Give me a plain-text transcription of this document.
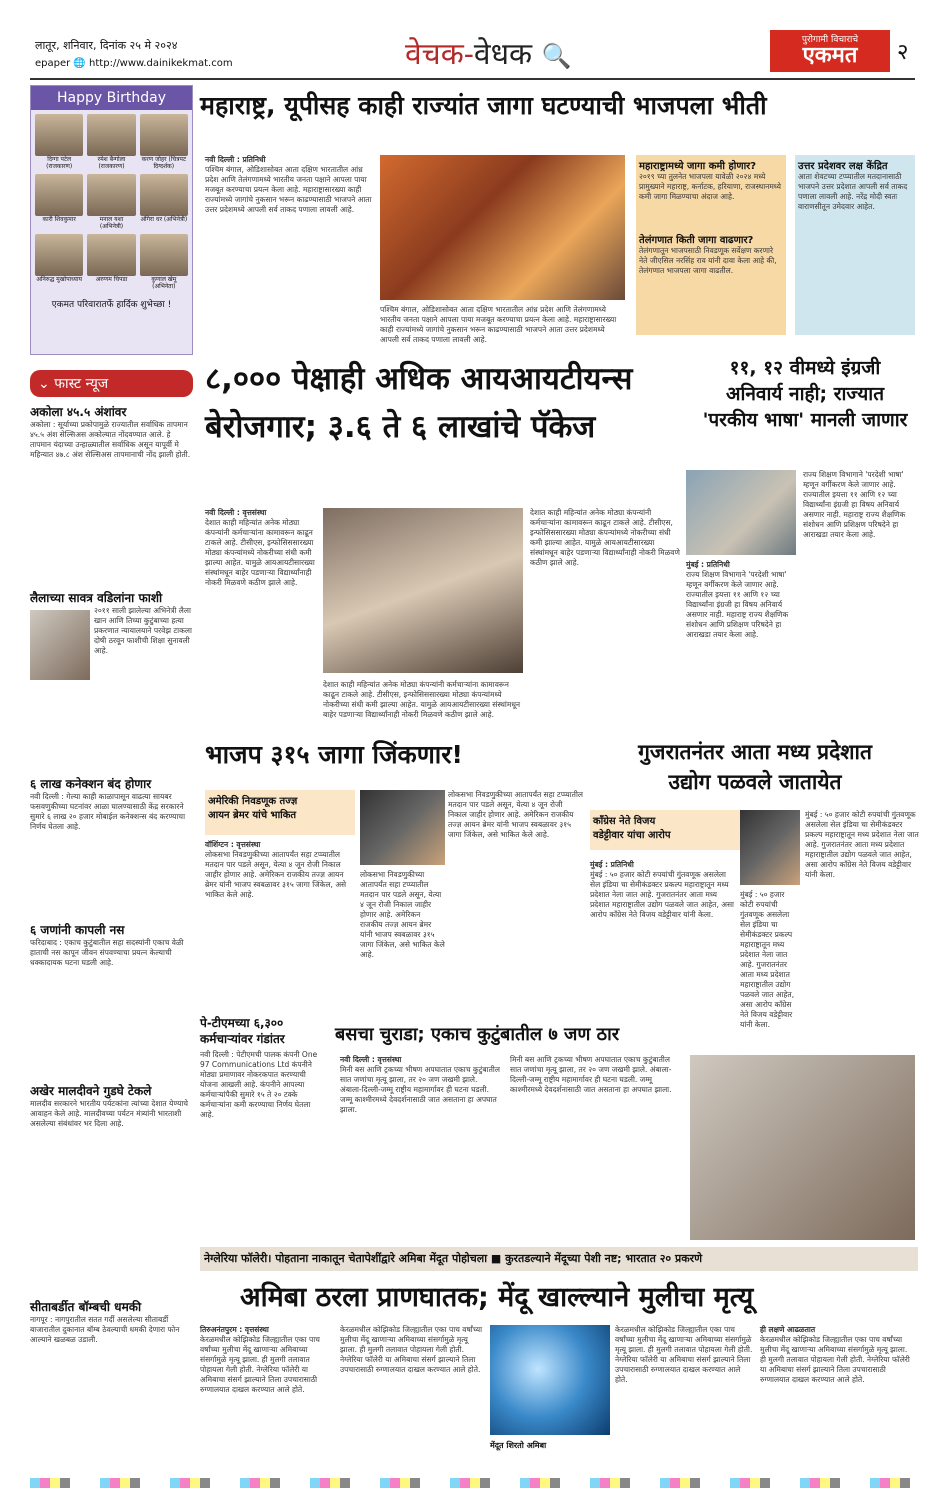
लातूर, शनिवार, दिनांक २५ मे २०२४
epaper 🌐 http://www.dainikekmat.com	वेचक-वेधक 🔍
पुरोगामी विचाराचे
एकमत	२
Happy Birthday
दिग्गा पटेल (राजकारण)
रमेश बैन्गोला (राजकारण)
करण जोहर (चित्रपट दिग्दर्शक)
कारी शिवकुमार	मनाल यशा (अभिनेत्री)
अंगिरा धर (अभिनेत्री)
अनिरुद्ध मुखोपाध्याय	अरुणम चिपडा	कुणाल खेमू (अभिनेता)
एकमत परिवारातर्फे हार्दिक शुभेच्छा !
⌄ फास्ट न्यूज
अकोला ४५.५ अंशांवर
अकोला : सूर्याच्या प्रकोपामुळे राज्यातील सर्वाधिक तापमान ४५.५ अंश सेल्सिअस अकोल्यात नोंदवण्यात आले. हे तापमान यंदाच्या उन्हाळ्यातील सर्वाधिक असून यापूर्वी मे महिन्यात ४७.८ अंश सेल्सिअस तापमानाची नोंद झाली होती.
लैलाच्या सावत्र वडिलांना फाशी
२०११ साली झालेल्या अभिनेत्री लैला खान आणि तिच्या कुटुंबाच्या हत्या प्रकरणात न्यायालयाने परवेझ टाकला दोषी ठरवून फाशीची शिक्षा सुनावली आहे.
६ लाख कनेक्शन बंद होणार
नवी दिल्ली : गेल्या काही काळापासून वाढत्या सायबर फसवणुकीच्या घटनांवर आळा घालण्यासाठी केंद्र सरकारने सुमारे ६ लाख २० हजार मोबाईल कनेक्शन्स बंद करण्याचा निर्णय घेतला आहे.
६ जणांनी कापली नस
फरिदाबाद : एकाच कुटुंबातील सहा सदस्यांनी एकाच वेळी हाताची नस कापून जीवन संपवण्याचा प्रयत्न केल्याची धक्कादायक घटना घडली आहे.
अखेर मालदीवने गुडघे टेकले
मालदीव सरकारने भारतीय पर्यटकांना त्यांच्या देशात येण्याचे आवाहन केले आहे. मालदीवच्या पर्यटन मंत्र्यांनी भारताशी असलेल्या संबंधांवर भर दिला आहे.
सीताबर्डीत बॉम्बची धमकी
नागपूर : नागपुरातील सतत गर्दी असलेल्या सीताबर्डी बाजारातील दुकानात बॉम्ब ठेवल्याची धमकी देणारा फोन आल्याने खळबळ उडाली.
महाराष्ट्र, यूपीसह काही राज्यांत जागा घटण्याची भाजपला भीती
नवी दिल्ली : प्रतिनिधी
पश्चिम बंगाल, ओडिशासोबत आता दक्षिण भारतातील आंध्र प्रदेश आणि तेलंगणामध्ये भारतीय जनता पक्षाने आपला पाया मजबूत करण्याचा प्रयत्न केला आहे. महाराष्ट्रासारख्या काही राज्यांमध्ये जागांचे नुकसान भरून काढण्यासाठी भाजपने आता उत्तर प्रदेशमध्ये आपली सर्व ताकद पणाला लावली आहे.
पश्चिम बंगाल, ओडिशासोबत आता दक्षिण भारतातील आंध्र प्रदेश आणि तेलंगणामध्ये भारतीय जनता पक्षाने आपला पाया मजबूत करण्याचा प्रयत्न केला आहे. महाराष्ट्रासारख्या काही राज्यांमध्ये जागांचे नुकसान भरून काढण्यासाठी भाजपने आता उत्तर प्रदेशमध्ये आपली सर्व ताकद पणाला लावली आहे.
महाराष्ट्रामध्ये जागा कमी होणार?
२०१९ च्या तुलनेत भाजपला यावेळी २०२४ मध्ये प्रामुख्याने महाराष्ट्र, कर्नाटक, हरियाणा, राजस्थानमध्ये कमी जागा मिळण्याचा अंदाज आहे.
तेलंगणात किती जागा वाढणार?
तेलंगणातून भाजपसाठी निवडणूक सर्वेक्षण करणारे नेते जीएसिल नरसिंह राव यांनी दावा केला आहे की, तेलंगणात भाजपला जागा वाढतील.
उत्तर प्रदेशवर लक्ष केंद्रित
आता शेवटच्या टप्प्यातील मतदानासाठी भाजपने उत्तर प्रदेशात आपली सर्व ताकद पणाला लावली आहे. नरेंद्र मोदी स्वतः वाराणसीतून उमेदवार आहेत.
८,००० पेक्षाही अधिक आयआयटीयन्स
बेरोजगार; ३.६ ते ६ लाखांचे पॅकेज
नवी दिल्ली : वृत्तसंस्था
देशात काही महिन्यांत अनेक मोठ्या कंपन्यांनी कर्मचाऱ्यांना कामावरून काढून टाकले आहे. टीसीएस, इन्फोसिससारख्या मोठ्या कंपन्यांमध्ये नोकरीच्या संधी कमी झाल्या आहेत. यामुळे आयआयटीसारख्या संस्थांमधून बाहेर पडणाऱ्या विद्यार्थ्यांनाही नोकरी मिळवणे कठीण झाले आहे.
देशात काही महिन्यांत अनेक मोठ्या कंपन्यांनी कर्मचाऱ्यांना कामावरून काढून टाकले आहे. टीसीएस, इन्फोसिससारख्या मोठ्या कंपन्यांमध्ये नोकरीच्या संधी कमी झाल्या आहेत. यामुळे आयआयटीसारख्या संस्थांमधून बाहेर पडणाऱ्या विद्यार्थ्यांनाही नोकरी मिळवणे कठीण झाले आहे.
देशात काही महिन्यांत अनेक मोठ्या कंपन्यांनी कर्मचाऱ्यांना कामावरून काढून टाकले आहे. टीसीएस, इन्फोसिससारख्या मोठ्या कंपन्यांमध्ये नोकरीच्या संधी कमी झाल्या आहेत. यामुळे आयआयटीसारख्या संस्थांमधून बाहेर पडणाऱ्या विद्यार्थ्यांनाही नोकरी मिळवणे कठीण झाले आहे.
११, १२ वीमध्ये इंग्रजी
अनिवार्य नाही; राज्यात
'परकीय भाषा' मानली जाणार
मुंबई : प्रतिनिधी
राज्य शिक्षण विभागाने 'परदेशी भाषा' म्हणून वर्गीकरण केले जाणार आहे. राज्यातील इयत्ता ११ आणि १२ च्या विद्यार्थ्यांना इंग्रजी हा विषय अनिवार्य असणार नाही. महाराष्ट्र राज्य शैक्षणिक संशोधन आणि प्रशिक्षण परिषदेने हा आराखडा तयार केला आहे.
राज्य शिक्षण विभागाने 'परदेशी भाषा' म्हणून वर्गीकरण केले जाणार आहे. राज्यातील इयत्ता ११ आणि १२ च्या विद्यार्थ्यांना इंग्रजी हा विषय अनिवार्य असणार नाही. महाराष्ट्र राज्य शैक्षणिक संशोधन आणि प्रशिक्षण परिषदेने हा आराखडा तयार केला आहे.
भाजप ३१५ जागा जिंकणार!
अमेरिकी निवडणूक तज्ज्ञ
आयन ब्रेमर यांचे भाकित
वॉशिंग्टन : वृत्तसंस्था
लोकसभा निवडणुकीच्या आतापर्यंत सहा टप्प्यातील मतदान पार पडले असून, येत्या ४ जून रोजी निकाल जाहीर होणार आहे. अमेरिकन राजकीय तज्ज्ञ आयन ब्रेमर यांनी भाजप स्वबळावर ३१५ जागा जिंकेल, असे भाकित केले आहे.
लोकसभा निवडणुकीच्या आतापर्यंत सहा टप्प्यातील मतदान पार पडले असून, येत्या ४ जून रोजी निकाल जाहीर होणार आहे. अमेरिकन राजकीय तज्ज्ञ आयन ब्रेमर यांनी भाजप स्वबळावर ३१५ जागा जिंकेल, असे भाकित केले आहे.
लोकसभा निवडणुकीच्या आतापर्यंत सहा टप्प्यातील मतदान पार पडले असून, येत्या ४ जून रोजी निकाल जाहीर होणार आहे. अमेरिकन राजकीय तज्ज्ञ आयन ब्रेमर यांनी भाजप स्वबळावर ३१५ जागा जिंकेल, असे भाकित केले आहे.
गुजरातनंतर आता मध्य प्रदेशात
उद्योग पळवले जातायेत
काँग्रेस नेते विजय
वडेट्टीवार यांचा आरोप
मुंबई : प्रतिनिधी
मुंबई : ५० हजार कोटी रुपयांची गुंतवणूक असलेला सेल इंडिया चा सेमीकंडक्टर प्रकल्प महाराष्ट्रातून मध्य प्रदेशात नेला जात आहे. गुजरातनंतर आता मध्य प्रदेशात महाराष्ट्रातील उद्योग पळवले जात आहेत, असा आरोप काँग्रेस नेते विजय वडेट्टीवार यांनी केला.
मुंबई : ५० हजार कोटी रुपयांची गुंतवणूक असलेला सेल इंडिया चा सेमीकंडक्टर प्रकल्प महाराष्ट्रातून मध्य प्रदेशात नेला जात आहे. गुजरातनंतर आता मध्य प्रदेशात महाराष्ट्रातील उद्योग पळवले जात आहेत, असा आरोप काँग्रेस नेते विजय वडेट्टीवार यांनी केला.
मुंबई : ५० हजार कोटी रुपयांची गुंतवणूक असलेला सेल इंडिया चा सेमीकंडक्टर प्रकल्प महाराष्ट्रातून मध्य प्रदेशात नेला जात आहे. गुजरातनंतर आता मध्य प्रदेशात महाराष्ट्रातील उद्योग पळवले जात आहेत, असा आरोप काँग्रेस नेते विजय वडेट्टीवार यांनी केला.
पे-टीएमच्या ६,३००
कर्मचाऱ्यांवर गंडांतर
नवी दिल्ली : पेटीएमची पालक कंपनी One 97 Communications Ltd कंपनीने मोठ्या प्रमाणावर नोकरकपात करण्याची योजना आखली आहे. कंपनीने आपल्या कर्मचाऱ्यांपैकी सुमारे १५ ते २० टक्के कर्मचाऱ्यांना कमी करण्याचा निर्णय घेतला आहे.
बसचा चुराडा; एकाच कुटुंबातील ७ जण ठार
नवी दिल्ली : वृत्तसंस्था
मिनी बस आणि ट्रकच्या भीषण अपघातात एकाच कुटुंबातील सात जणांचा मृत्यू झाला, तर २० जण जखमी झाले. अंबाला-दिल्ली-जम्मू राष्ट्रीय महामार्गावर ही घटना घडली. जम्मू काश्मीरमध्ये देवदर्शनासाठी जात असताना हा अपघात झाला.
मिनी बस आणि ट्रकच्या भीषण अपघातात एकाच कुटुंबातील सात जणांचा मृत्यू झाला, तर २० जण जखमी झाले. अंबाला-दिल्ली-जम्मू राष्ट्रीय महामार्गावर ही घटना घडली. जम्मू काश्मीरमध्ये देवदर्शनासाठी जात असताना हा अपघात झाला.
नेग्लेरिया फॉलेरी। पोहताना नाकातून चेतापेशींद्वारे अमिबा मेंदूत पोहोचला ■ कुरतडल्याने मेंदूच्या पेशी नष्ट; भारतात २० प्रकरणे
अमिबा ठरला प्राणघातक; मेंदू खाल्ल्याने मुलीचा मृत्यू
तिरुअनंतपुरम : वृत्तसंस्था
केरळमधील कोझिकोड जिल्ह्यातील एका पाच वर्षांच्या मुलीचा मेंदू खाणाऱ्या अमिबाच्या संसर्गामुळे मृत्यू झाला. ही मुलगी तलावात पोहायला गेली होती. नेग्लेरिया फॉलेरी या अमिबाचा संसर्ग झाल्याने तिला उपचारासाठी रुग्णालयात दाखल करण्यात आले होते.
केरळमधील कोझिकोड जिल्ह्यातील एका पाच वर्षांच्या मुलीचा मेंदू खाणाऱ्या अमिबाच्या संसर्गामुळे मृत्यू झाला. ही मुलगी तलावात पोहायला गेली होती. नेग्लेरिया फॉलेरी या अमिबाचा संसर्ग झाल्याने तिला उपचारासाठी रुग्णालयात दाखल करण्यात आले होते.
मेंदूत शिरतो अमिबा
केरळमधील कोझिकोड जिल्ह्यातील एका पाच वर्षांच्या मुलीचा मेंदू खाणाऱ्या अमिबाच्या संसर्गामुळे मृत्यू झाला. ही मुलगी तलावात पोहायला गेली होती. नेग्लेरिया फॉलेरी या अमिबाचा संसर्ग झाल्याने तिला उपचारासाठी रुग्णालयात दाखल करण्यात आले होते.
ही लक्षणे आढळतात
केरळमधील कोझिकोड जिल्ह्यातील एका पाच वर्षांच्या मुलीचा मेंदू खाणाऱ्या अमिबाच्या संसर्गामुळे मृत्यू झाला. ही मुलगी तलावात पोहायला गेली होती. नेग्लेरिया फॉलेरी या अमिबाचा संसर्ग झाल्याने तिला उपचारासाठी रुग्णालयात दाखल करण्यात आले होते.
